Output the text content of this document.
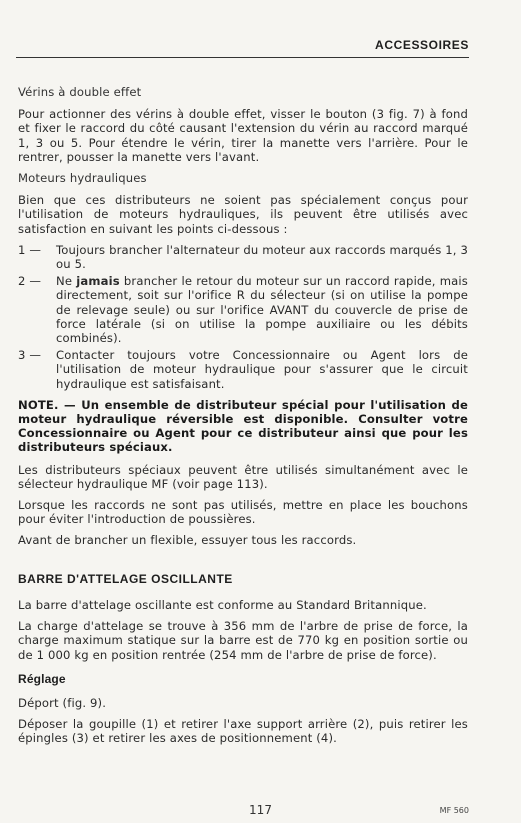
ACCESSOIRES
Vérins à double effet

Pour actionner des vérins à double effet, visser le bouton (3 fig. 7) à fond et fixer le raccord du côté causant l'extension du vérin au raccord marqué 1, 3 ou 5. Pour étendre le vérin, tirer la manette vers l'arrière. Pour le rentrer, pousser la manette vers l'avant.

Moteurs hydrauliques

Bien que ces distributeurs ne soient pas spécialement conçus pour l'utilisation de moteurs hydrauliques, ils peuvent être utilisés avec satisfaction en suivant les points ci-dessous :

1 — Toujours brancher l'alternateur du moteur aux raccords marqués 1, 3 ou 5.
2 — Ne jamais brancher le retour du moteur sur un raccord rapide, mais directement, soit sur l'orifice R du sélecteur (si on utilise la pompe de relevage seule) ou sur l'orifice AVANT du couvercle de prise de force latérale (si on utilise la pompe auxiliaire ou les débits combinés).
3 — Contacter toujours votre Concessionnaire ou Agent lors de l'utilisation de moteur hydraulique pour s'assurer que le circuit hydraulique est satisfaisant.

NOTE. — Un ensemble de distributeur spécial pour l'utilisation de moteur hydraulique réversible est disponible. Consulter votre Concessionnaire ou Agent pour ce distributeur ainsi que pour les distributeurs spéciaux.

Les distributeurs spéciaux peuvent être utilisés simultanément avec le sélecteur hydraulique MF (voir page 113).

Lorsque les raccords ne sont pas utilisés, mettre en place les bouchons pour éviter l'introduction de poussières.

Avant de brancher un flexible, essuyer tous les raccords.

BARRE D'ATTELAGE OSCILLANTE

La barre d'attelage oscillante est conforme au Standard Britannique.

La charge d'attelage se trouve à 356 mm de l'arbre de prise de force, la charge maximum statique sur la barre est de 770 kg en position sortie ou de 1 000 kg en position rentrée (254 mm de l'arbre de prise de force).

Réglage

Déport (fig. 9).

Déposer la goupille (1) et retirer l'axe support arrière (2), puis retirer les épingles (3) et retirer les axes de positionnement (4).

117	MF 560
